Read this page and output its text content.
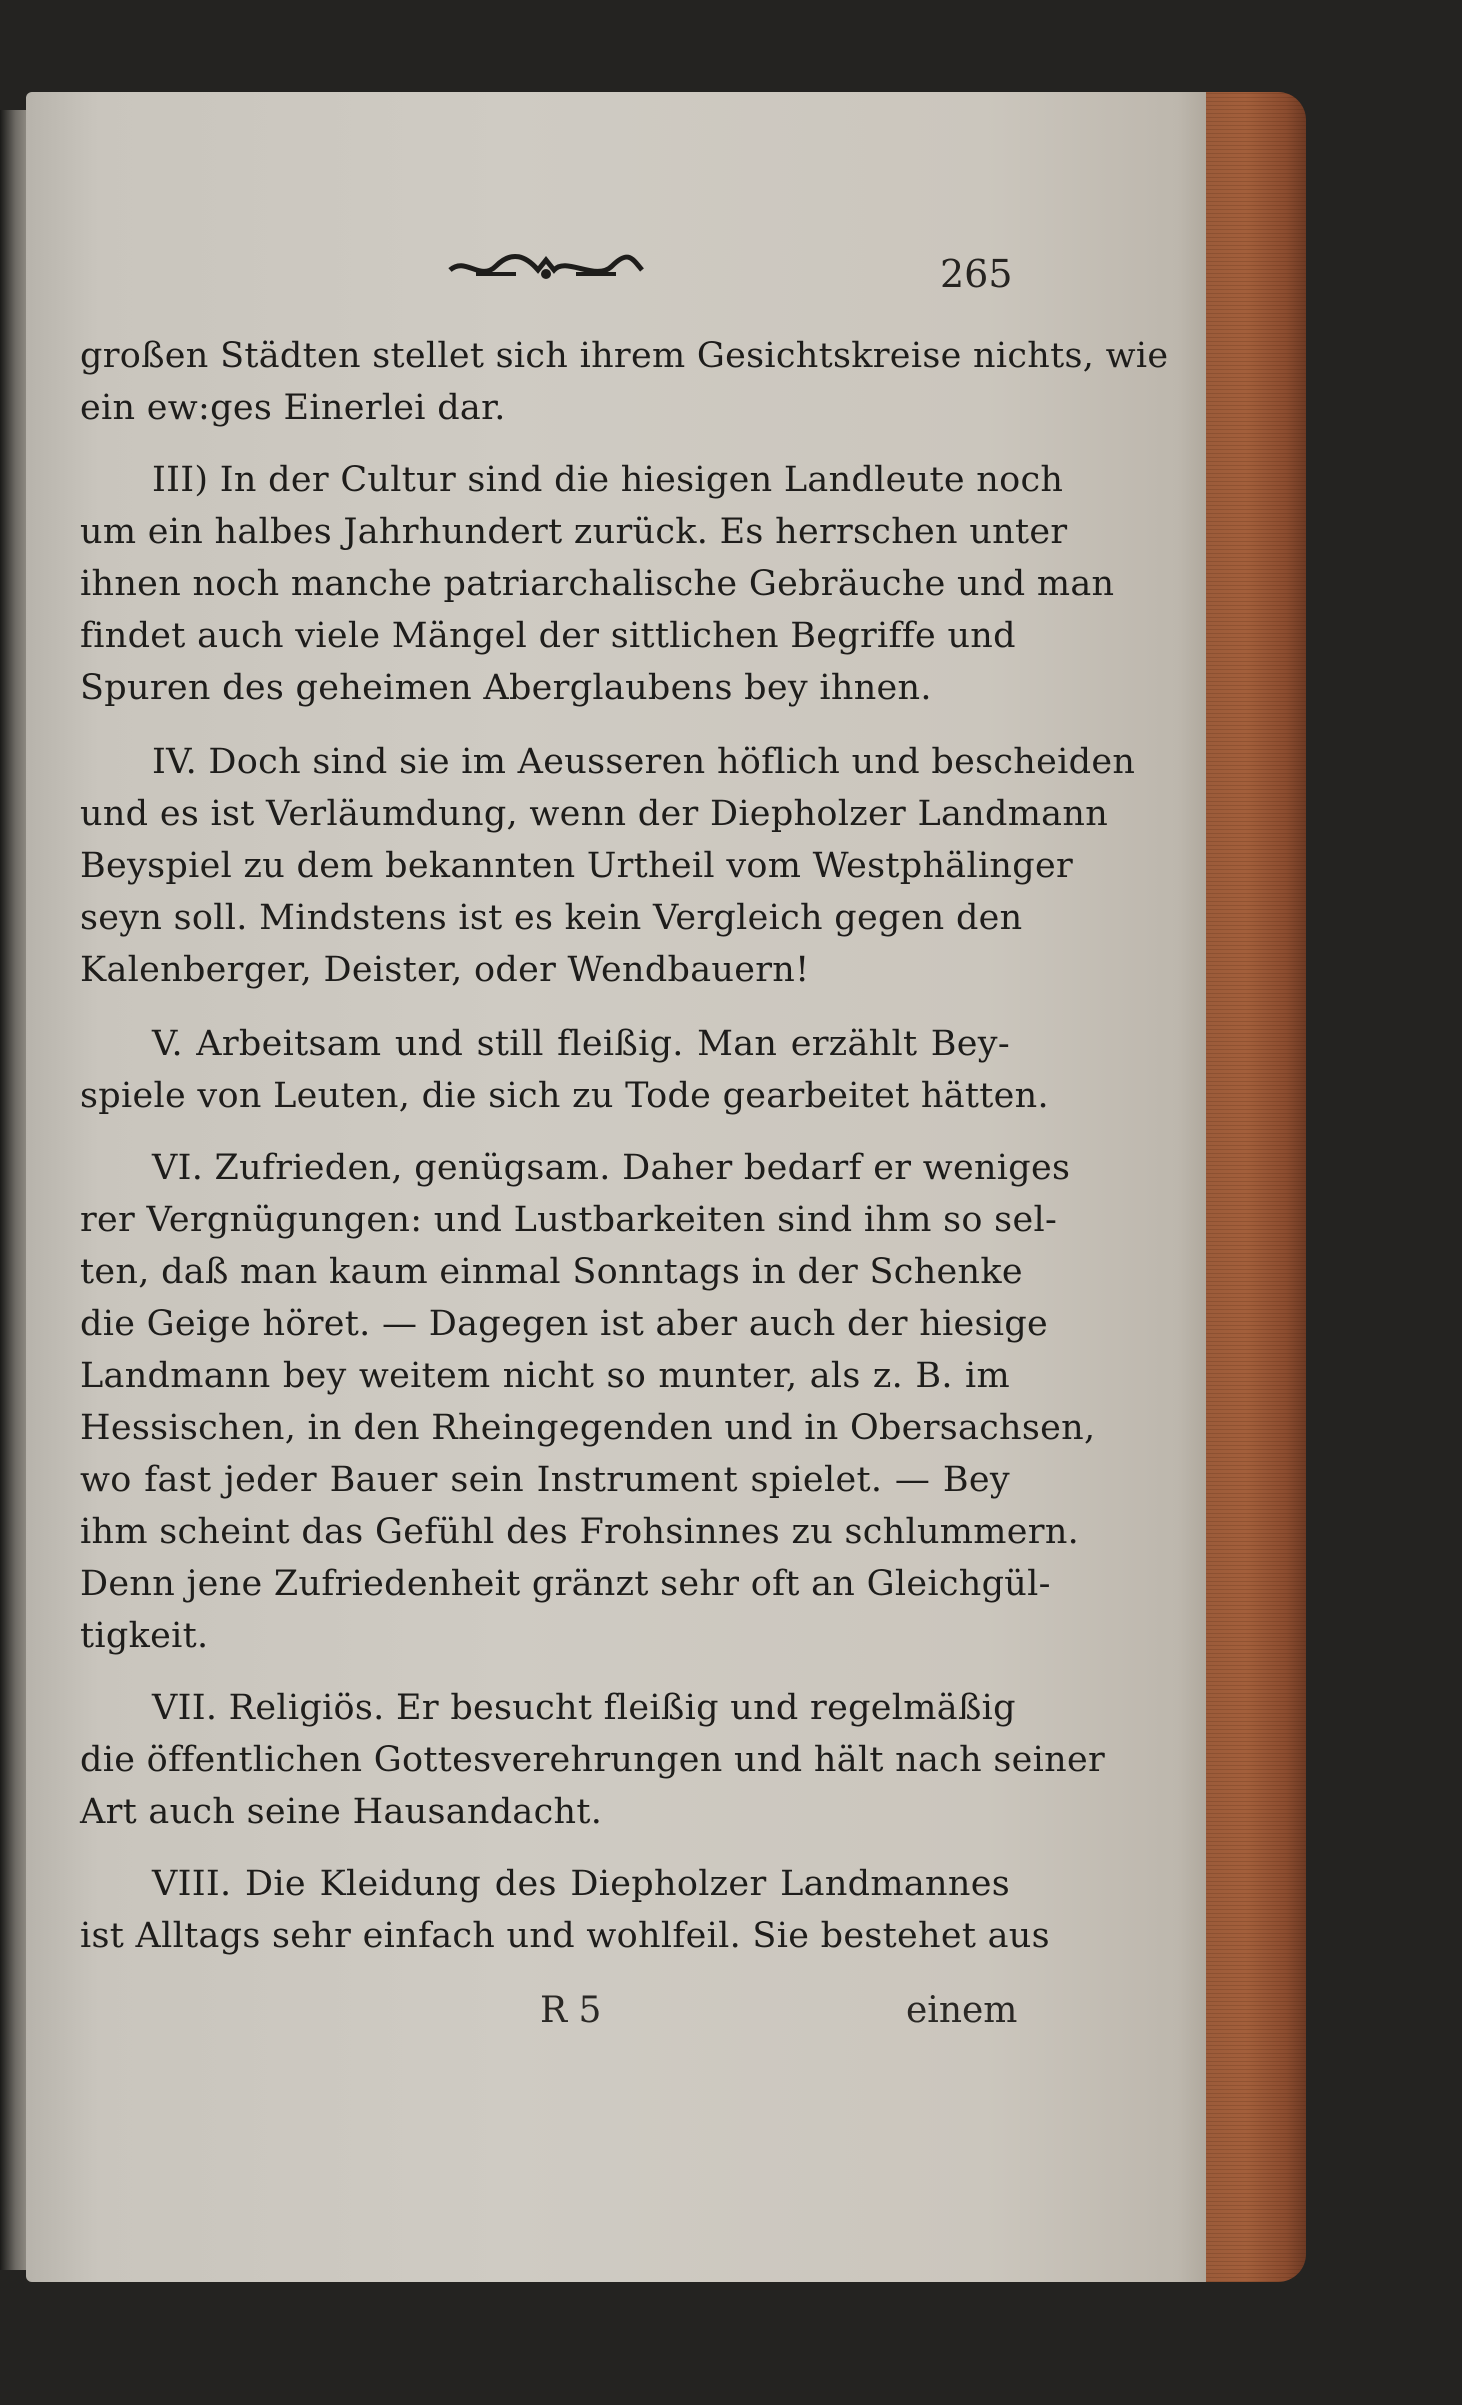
265
großen Städten stellet sich ihrem Gesichtskreise nichts, wie
ein ew:ges Einerlei dar.
III) In der Cultur sind die hiesigen Landleute noch
um ein halbes Jahrhundert zurück. Es herrschen unter
ihnen noch manche patriarchalische Gebräuche und man
findet auch viele Mängel der sittlichen Begriffe und
Spuren des geheimen Aberglaubens bey ihnen.
IV. Doch sind sie im Aeusseren höflich und bescheiden
und es ist Verläumdung, wenn der Diepholzer Landmann
Beyspiel zu dem bekannten Urtheil vom Westphälinger
seyn soll. Mindstens ist es kein Vergleich gegen den
Kalenberger, Deister, oder Wendbauern!
V. Arbeitsam und still fleißig. Man erzählt Bey-
spiele von Leuten, die sich zu Tode gearbeitet hätten.
VI. Zufrieden, genügsam. Daher bedarf er weniges
rer Vergnügungen: und Lustbarkeiten sind ihm so sel-
ten, daß man kaum einmal Sonntags in der Schenke
die Geige höret. — Dagegen ist aber auch der hiesige
Landmann bey weitem nicht so munter, als z. B. im
Hessischen, in den Rheingegenden und in Obersachsen,
wo fast jeder Bauer sein Instrument spielet. — Bey
ihm scheint das Gefühl des Frohsinnes zu schlummern.
Denn jene Zufriedenheit gränzt sehr oft an Gleichgül-
tigkeit.
VII. Religiös. Er besucht fleißig und regelmäßig
die öffentlichen Gottesverehrungen und hält nach seiner
Art auch seine Hausandacht.
VIII. Die Kleidung des Diepholzer Landmannes
ist Alltags sehr einfach und wohlfeil. Sie bestehet aus
R 5	einem
